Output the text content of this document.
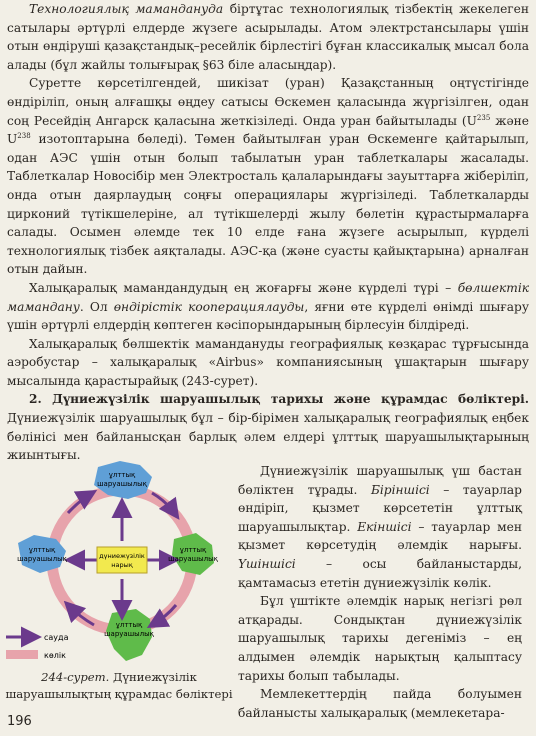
Технологиялық мамандануда біртұтас технологиялық тізбектің жекелеген сатылары әртүрлі елдерде жүзеге асырылады. Атом электрстансылары үшін отын өндіруші қазақстандық–ресейлік бірлестігі бұған классикалық мысал бола алады (бұл жайлы толығырақ §63 біле аласыңдар).

Суретте көрсетілгендей, шикізат (уран) Қазақстанның оңтүстігінде өндіріліп, оның алғашқы өңдеу сатысы Өскемен қаласында жүргізілген, одан соң Ресейдің Ангарск қаласына жеткізіледі. Онда уран байытылады ($U^{235}$ және $U^{238}$ изотоптарына бөледі). Төмен байытылған уран Өскеменге қайтарылып, одан АЭС үшін отын болып табылатын уран таблеткалары жасалады. Таблеткалар Новосібір мен Электросталь қалаларындағы зауыттарға жіберіліп, онда отын даярлаудың соңғы операциялары жүргізіледі. Таблеткаларды цирконий түтікшелеріне, ал түтікшелерді жылу бөлетін құрастырмаларға салады. Осымен әлемде тек 10 елде ғана жүзеге асырылып, күрделі технологиялық тізбек аяқталады. АЭС-қа (және суасты қайықтарына) арналған отын дайын.

Халықаралық мамандандудың ең жоғарғы және күрделі түрі – бөлшектік мамандану. Ол өндірістік кооперациялауды, яғни өте күрделі өнімді шығару үшін әртүрлі елдердің көптеген кәсіпорындарының бірлесуін білдіреді.

Халықаралық бөлшектік мамандануды географиялық көзқарас тұрғысында аэробустар – халықаралық «Airbus» компаниясының ұшақтарын шығару мысалында қарастырайық (243-сурет).

2. Дүниежүзілік шаруашылық тарихы және құрамдас бөліктері. Дүниежүзілік шаруашылық бұл – бір-бірімен халықаралық географиялық еңбек бөлінісі мен байланысқан барлық әлем елдері ұлттық шаруашылықтарының жиынтығы.

дүниежүзілік
нарық
ұлттық
шаруашылық
ұлттық
шаруашылық
ұлттық
шаруашылық
ұлттық
шаруашылық
сауда
көлік
244-сурет. Дүниежүзілік шаруашылықтың құрамдас бөліктері

Дүниежүзілік шаруашылық үш бастан бөліктен тұрады. Біріншісі – тауарлар өндіріп, қызмет көрсететін ұлттық шаруашылықтар. Екіншісі – тауарлар мен қызмет көрсетудің әлемдік нарығы. Үшіншісі – осы байланыстарды, қамтамасыз ететін дүниежүзілік көлік.

Бұл үштікте әлемдік нарық негізгі рөл атқарады. Сондықтан дүниежүзілік шаруашылық тарихы дегеніміз – ең алдымен әлемдік нарықтың қалыптасу тарихы болып табылады.

Мемлекеттердің пайда болуымен байланысты халықаралық (мемлекетара-

196
